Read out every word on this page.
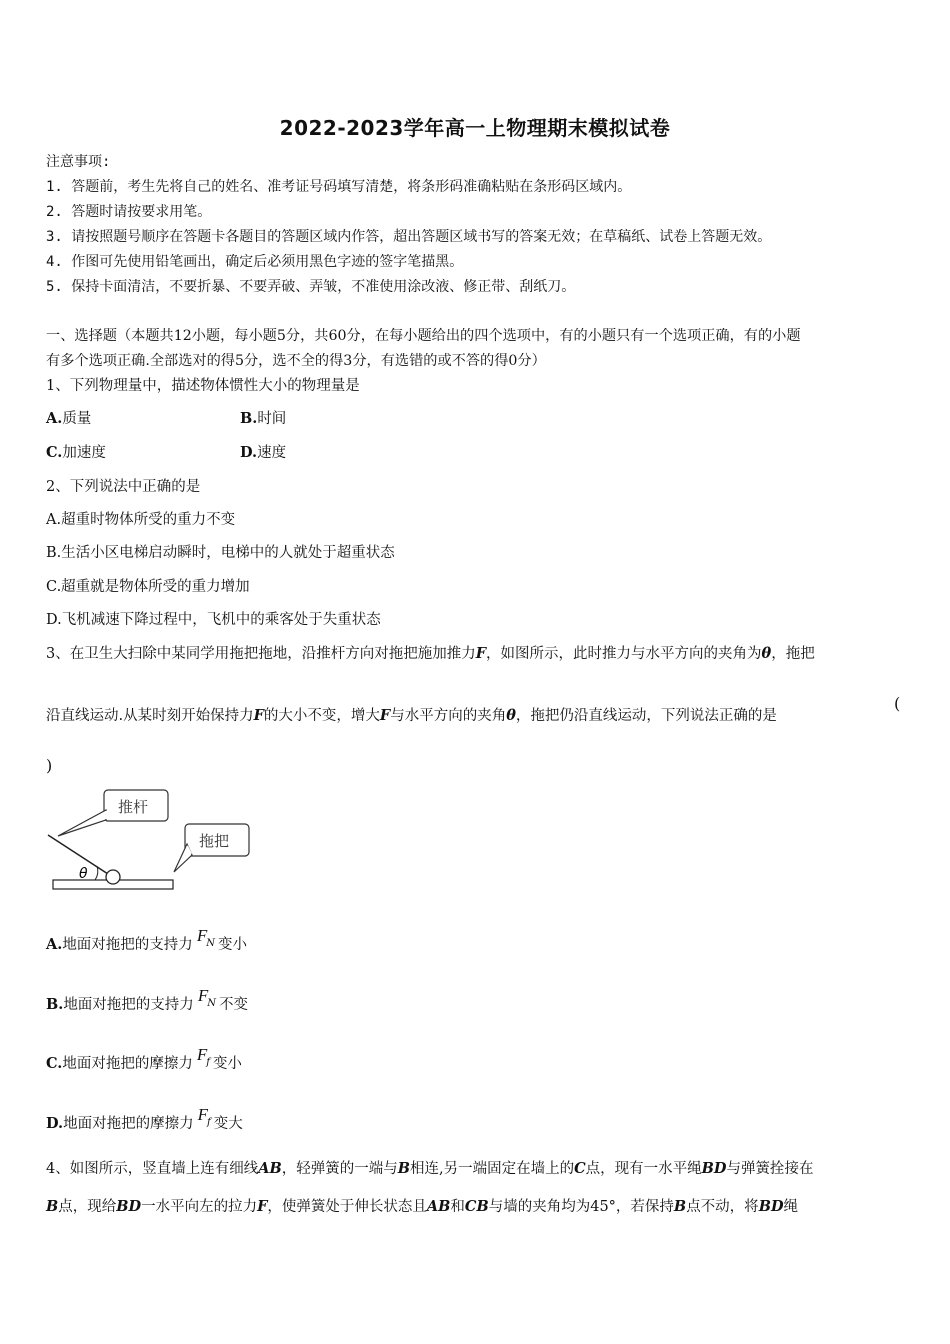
2022-2023学年高一上物理期末模拟试卷
注意事项:
1. 答题前，考生先将自己的姓名、准考证号码填写清楚，将条形码准确粘贴在条形码区域内。
2. 答题时请按要求用笔。
3. 请按照题号顺序在答题卡各题目的答题区域内作答，超出答题区域书写的答案无效；在草稿纸、试卷上答题无效。
4. 作图可先使用铅笔画出，确定后必须用黑色字迹的签字笔描黑。
5. 保持卡面清洁，不要折暴、不要弄破、弄皱，不准使用涂改液、修正带、刮纸刀。
一、选择题（本题共12小题，每小题5分，共60分，在每小题给出的四个选项中，有的小题只有一个选项正确，有的小题
有多个选项正确.全部选对的得5分，选不全的得3分，有选错的或不答的得0分）
1、下列物理量中，描述物体惯性大小的物理量是
A.质量	B.时间
C.加速度	D.速度
2、下列说法中正确的是
A.超重时物体所受的重力不变
B.生活小区电梯启动瞬时，电梯中的人就处于超重状态
C.超重就是物体所受的重力增加
D.飞机减速下降过程中，飞机中的乘客处于失重状态
3、在卫生大扫除中某同学用拖把拖地，沿推杆方向对拖把施加推力F，如图所示，此时推力与水平方向的夹角为θ，拖把
沿直线运动.从某时刻开始保持力F的大小不变，增大F与水平方向的夹角θ，拖把仍沿直线运动，下列说法正确的是
(
)
θ
推杆
拖把
A.地面对拖把的支持力 $F_N$ 变小
B.地面对拖把的支持力 $F_N$ 不变
C.地面对拖把的摩擦力 $F_f$ 变小
D.地面对拖把的摩擦力 $F_f$ 变大
4、如图所示，竖直墙上连有细线AB，轻弹簧的一端与B相连,另一端固定在墙上的C点，现有一水平绳BD与弹簧拴接在
B点，现给BD一水平向左的拉力F，使弹簧处于伸长状态且AB和CB与墙的夹角均为45°，若保持B点不动，将BD绳
